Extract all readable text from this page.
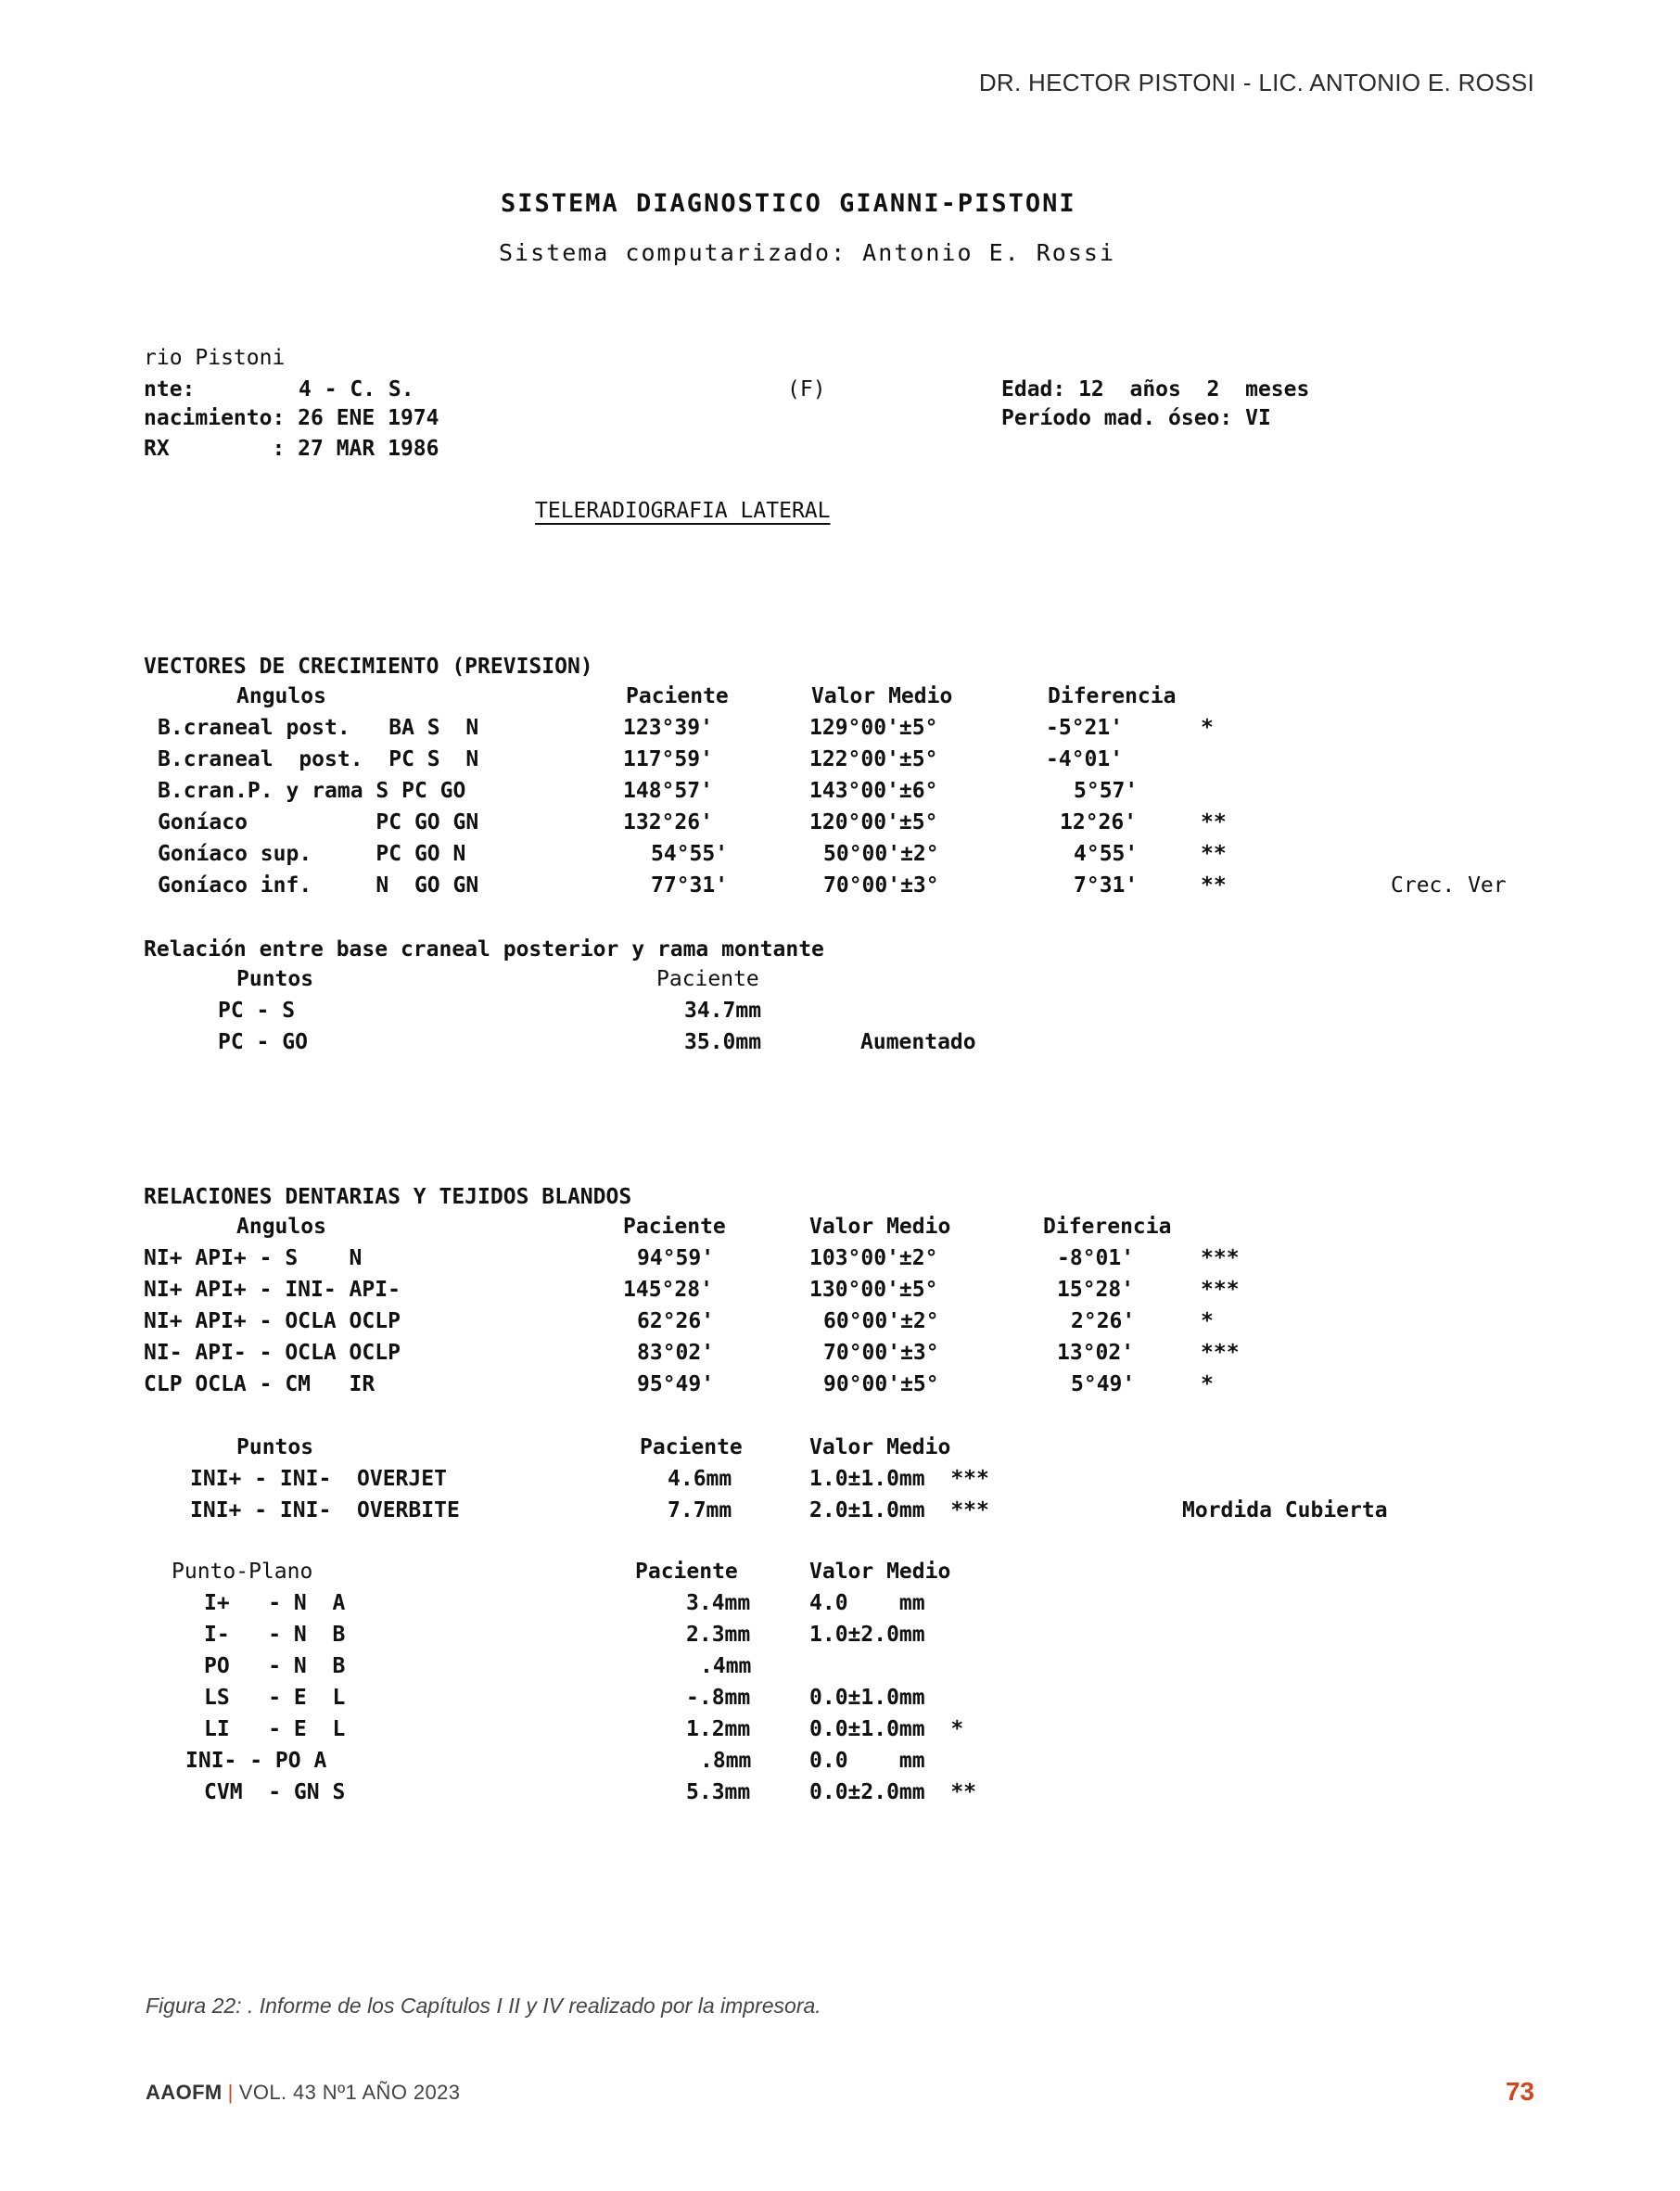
DR. HECTOR PISTONI - LIC. ANTONIO E. ROSSI
SISTEMA DIAGNOSTICO GIANNI-PISTONI
Sistema computarizado: Antonio E. Rossi
rio Pistoni
nte:	4 - C. S.	(F)	Edad: 12  años  2  meses
nacimiento: 26 ENE 1974	Período mad. óseo: VI
RX        : 27 MAR 1986
TELERADIOGRAFIA LATERAL
VECTORES DE CRECIMIENTO (PREVISION)
Angulos	Paciente	Valor Medio	Diferencia
B.craneal post.   BA S  N	123°39'	129°00'±5°	-5°21'	*
B.craneal  post.  PC S  N	117°59'	122°00'±5°	-4°01'
B.cran.P. y rama S PC GO	148°57'	143°00'±6°	5°57'
Goníaco          PC GO GN	132°26'	120°00'±5°	12°26'	**
Goníaco sup.     PC GO N	54°55'	50°00'±2°	4°55'	**
Goníaco inf.     N  GO GN	77°31'	70°00'±3°	7°31'	**	Crec. Ver
Relación entre base craneal posterior y rama montante
Puntos	Paciente
PC - S	34.7mm
PC - GO	35.0mm	Aumentado
RELACIONES DENTARIAS Y TEJIDOS BLANDOS
Angulos	Paciente	Valor Medio	Diferencia
NI+ API+ - S    N	94°59'	103°00'±2°	-8°01'	***
NI+ API+ - INI- API-	145°28'	130°00'±5°	15°28'	***
NI+ API+ - OCLA OCLP	62°26'	60°00'±2°	2°26'	*
NI- API- - OCLA OCLP	83°02'	70°00'±3°	13°02'	***
CLP OCLA - CM   IR	95°49'	90°00'±5°	5°49'	*
Puntos	Paciente	Valor Medio
INI+ - INI-  OVERJET	4.6mm	1.0±1.0mm  ***
INI+ - INI-  OVERBITE	7.7mm	2.0±1.0mm  ***	Mordida Cubierta
Punto-Plano	Paciente	Valor Medio
I+   - N  A	3.4mm	4.0    mm
I-   - N  B	2.3mm	1.0±2.0mm
PO   - N  B	.4mm
LS   - E  L	-.8mm	0.0±1.0mm
LI   - E  L	1.2mm	0.0±1.0mm  *
INI- - PO A	.8mm	0.0    mm
CVM  - GN S	5.3mm	0.0±2.0mm  **
Figura 22: . Informe de los Capítulos I II y IV realizado por la impresora.
AAOFM | VOL. 43 Nº1 AÑO 2023	73
